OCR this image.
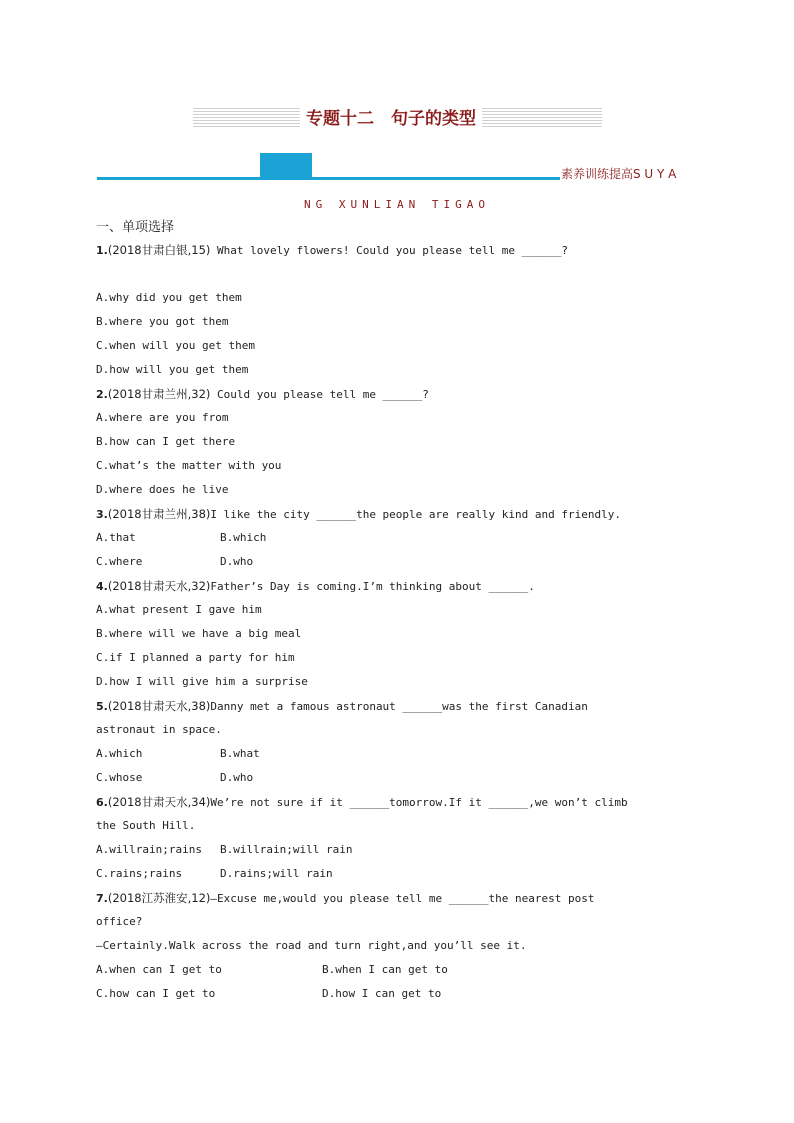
专题十二　句子的类型
素养训练提高S U Y A
NG XUNLIAN TIGAO
一、单项选择
1.(2018甘肃白银,15) What lovely flowers! Could you please tell me ______?
A.why did you get them
B.where you got them
C.when will you get them
D.how will you get them
2.(2018甘肃兰州,32) Could you please tell me ______?
A.where are you from
B.how can I get there
C.what’s the matter with you
D.where does he live
3.(2018甘肃兰州,38)I like the city ______the people are really kind and friendly.
A.that	B.which
C.where	D.who
4.(2018甘肃天水,32)Father’s Day is coming.I’m thinking about ______.
A.what present I gave him
B.where will we have a big meal
C.if I planned a party for him
D.how I will give him a surprise
5.(2018甘肃天水,38)Danny met a famous astronaut ______was the first Canadian
astronaut in space.
A.which	B.what
C.whose	D.who
6.(2018甘肃天水,34)We’re not sure if it ______tomorrow.If it ______,we won’t climb
the South Hill.
A.willrain;rains	B.willrain;will rain
C.rains;rains	D.rains;will rain
7.(2018江苏淮安,12)—Excuse me,would you please tell me ______the nearest post
office?
—Certainly.Walk across the road and turn right,and you’ll see it.
A.when can I get to	B.when I can get to
C.how can I get to	D.how I can get to
